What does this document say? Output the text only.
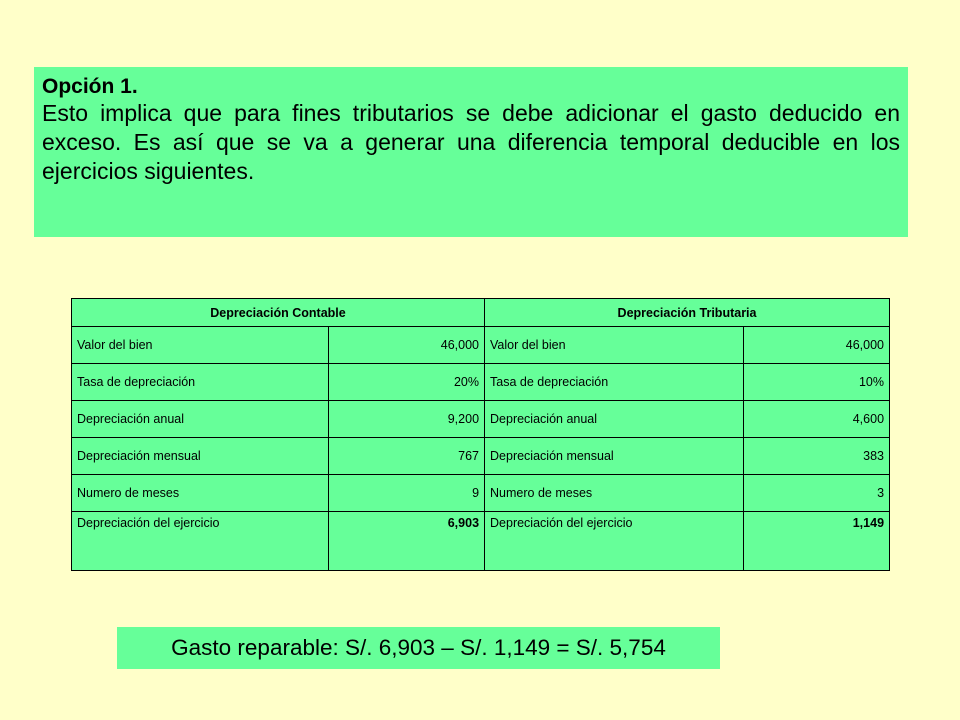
Opción 1.

Esto implica que para fines tributarios se debe adicionar el gasto deducido en exceso. Es así que se va a generar una diferencia temporal deducible en los ejercicios siguientes.

Depreciación Contable		Depreciación Tributaria	
Valor del bien	46,000	Valor del bien	46,000
Tasa de depreciación	20%	Tasa de depreciación	10%
Depreciación anual	9,200	Depreciación anual	4,600
Depreciación mensual	767	Depreciación mensual	383
Numero de meses	9	Numero de meses	3
Depreciación del ejercicio	6,903	Depreciación del ejercicio	1,149
Gasto reparable: S/. 6,903 – S/. 1,149 = S/. 5,754
